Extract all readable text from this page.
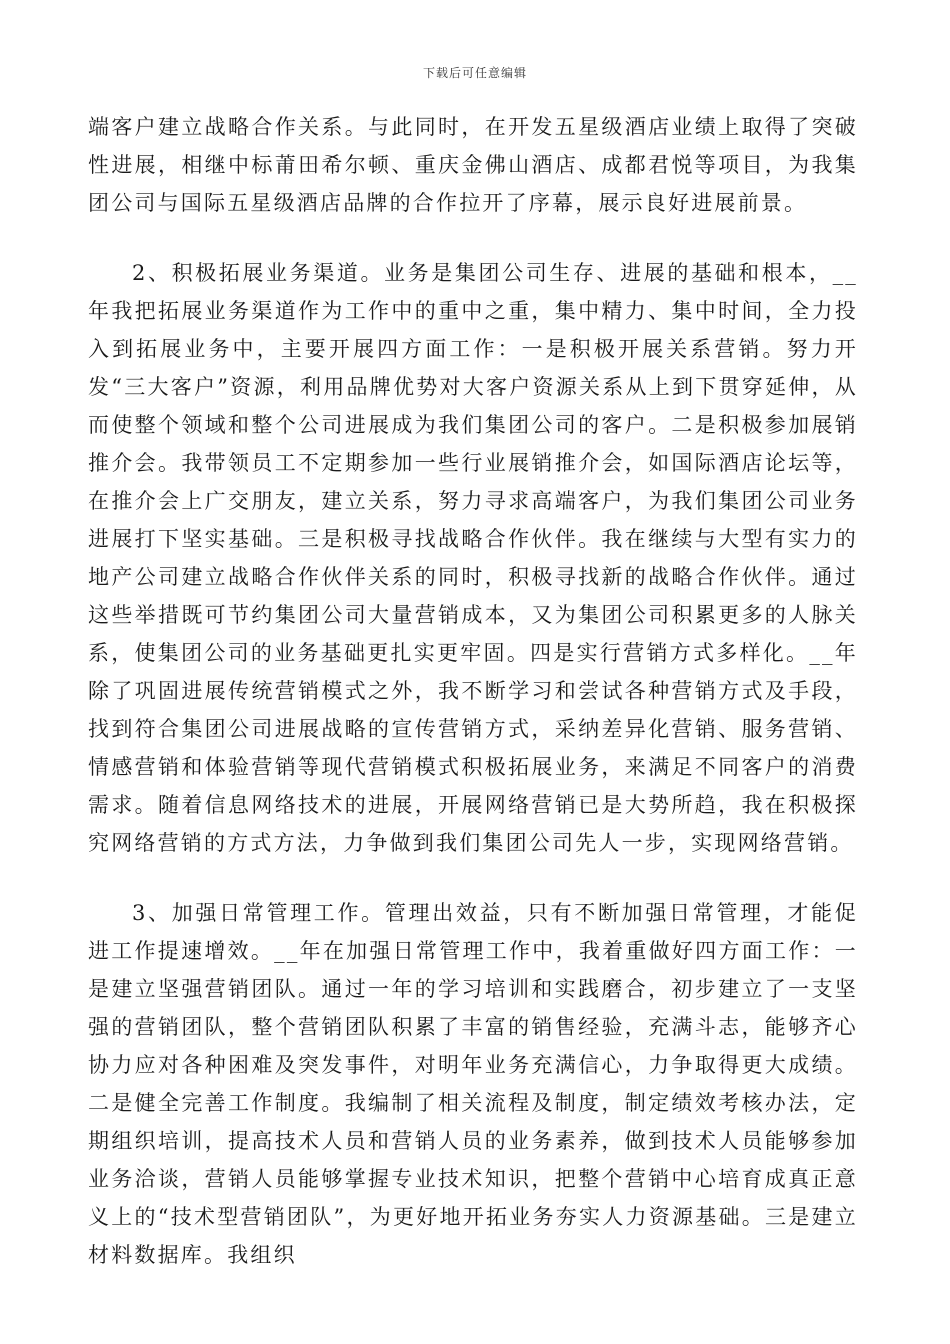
下载后可任意编辑

端客户建立战略合作关系。与此同时，在开发五星级酒店业绩上取得了突破性进展，相继中标莆田希尔顿、重庆金佛山酒店、成都君悦等项目，为我集团公司与国际五星级酒店品牌的合作拉开了序幕，展示良好进展前景。

2、积极拓展业务渠道。业务是集团公司生存、进展的基础和根本，__年我把拓展业务渠道作为工作中的重中之重，集中精力、集中时间，全力投入到拓展业务中，主要开展四方面工作：一是积极开展关系营销。努力开发“三大客户”资源，利用品牌优势对大客户资源关系从上到下贯穿延伸，从而使整个领域和整个公司进展成为我们集团公司的客户。二是积极参加展销推介会。我带领员工不定期参加一些行业展销推介会，如国际酒店论坛等，在推介会上广交朋友，建立关系，努力寻求高端客户，为我们集团公司业务进展打下坚实基础。三是积极寻找战略合作伙伴。我在继续与大型有实力的地产公司建立战略合作伙伴关系的同时，积极寻找新的战略合作伙伴。通过这些举措既可节约集团公司大量营销成本，又为集团公司积累更多的人脉关系，使集团公司的业务基础更扎实更牢固。四是实行营销方式多样化。__年除了巩固进展传统营销模式之外，我不断学习和尝试各种营销方式及手段，找到符合集团公司进展战略的宣传营销方式，采纳差异化营销、服务营销、情感营销和体验营销等现代营销模式积极拓展业务，来满足不同客户的消费需求。随着信息网络技术的进展，开展网络营销已是大势所趋，我在积极探究网络营销的方式方法，力争做到我们集团公司先人一步，实现网络营销。

3、加强日常管理工作。管理出效益，只有不断加强日常管理，才能促进工作提速增效。__年在加强日常管理工作中，我着重做好四方面工作：一是建立坚强营销团队。通过一年的学习培训和实践磨合，初步建立了一支坚强的营销团队，整个营销团队积累了丰富的销售经验，充满斗志，能够齐心协力应对各种困难及突发事件，对明年业务充满信心，力争取得更大成绩。二是健全完善工作制度。我编制了相关流程及制度，制定绩效考核办法，定期组织培训，提高技术人员和营销人员的业务素养，做到技术人员能够参加业务洽谈，营销人员能够掌握专业技术知识，把整个营销中心培育成真正意义上的“技术型营销团队”，为更好地开拓业务夯实人力资源基础。三是建立材料数据库。我组织
